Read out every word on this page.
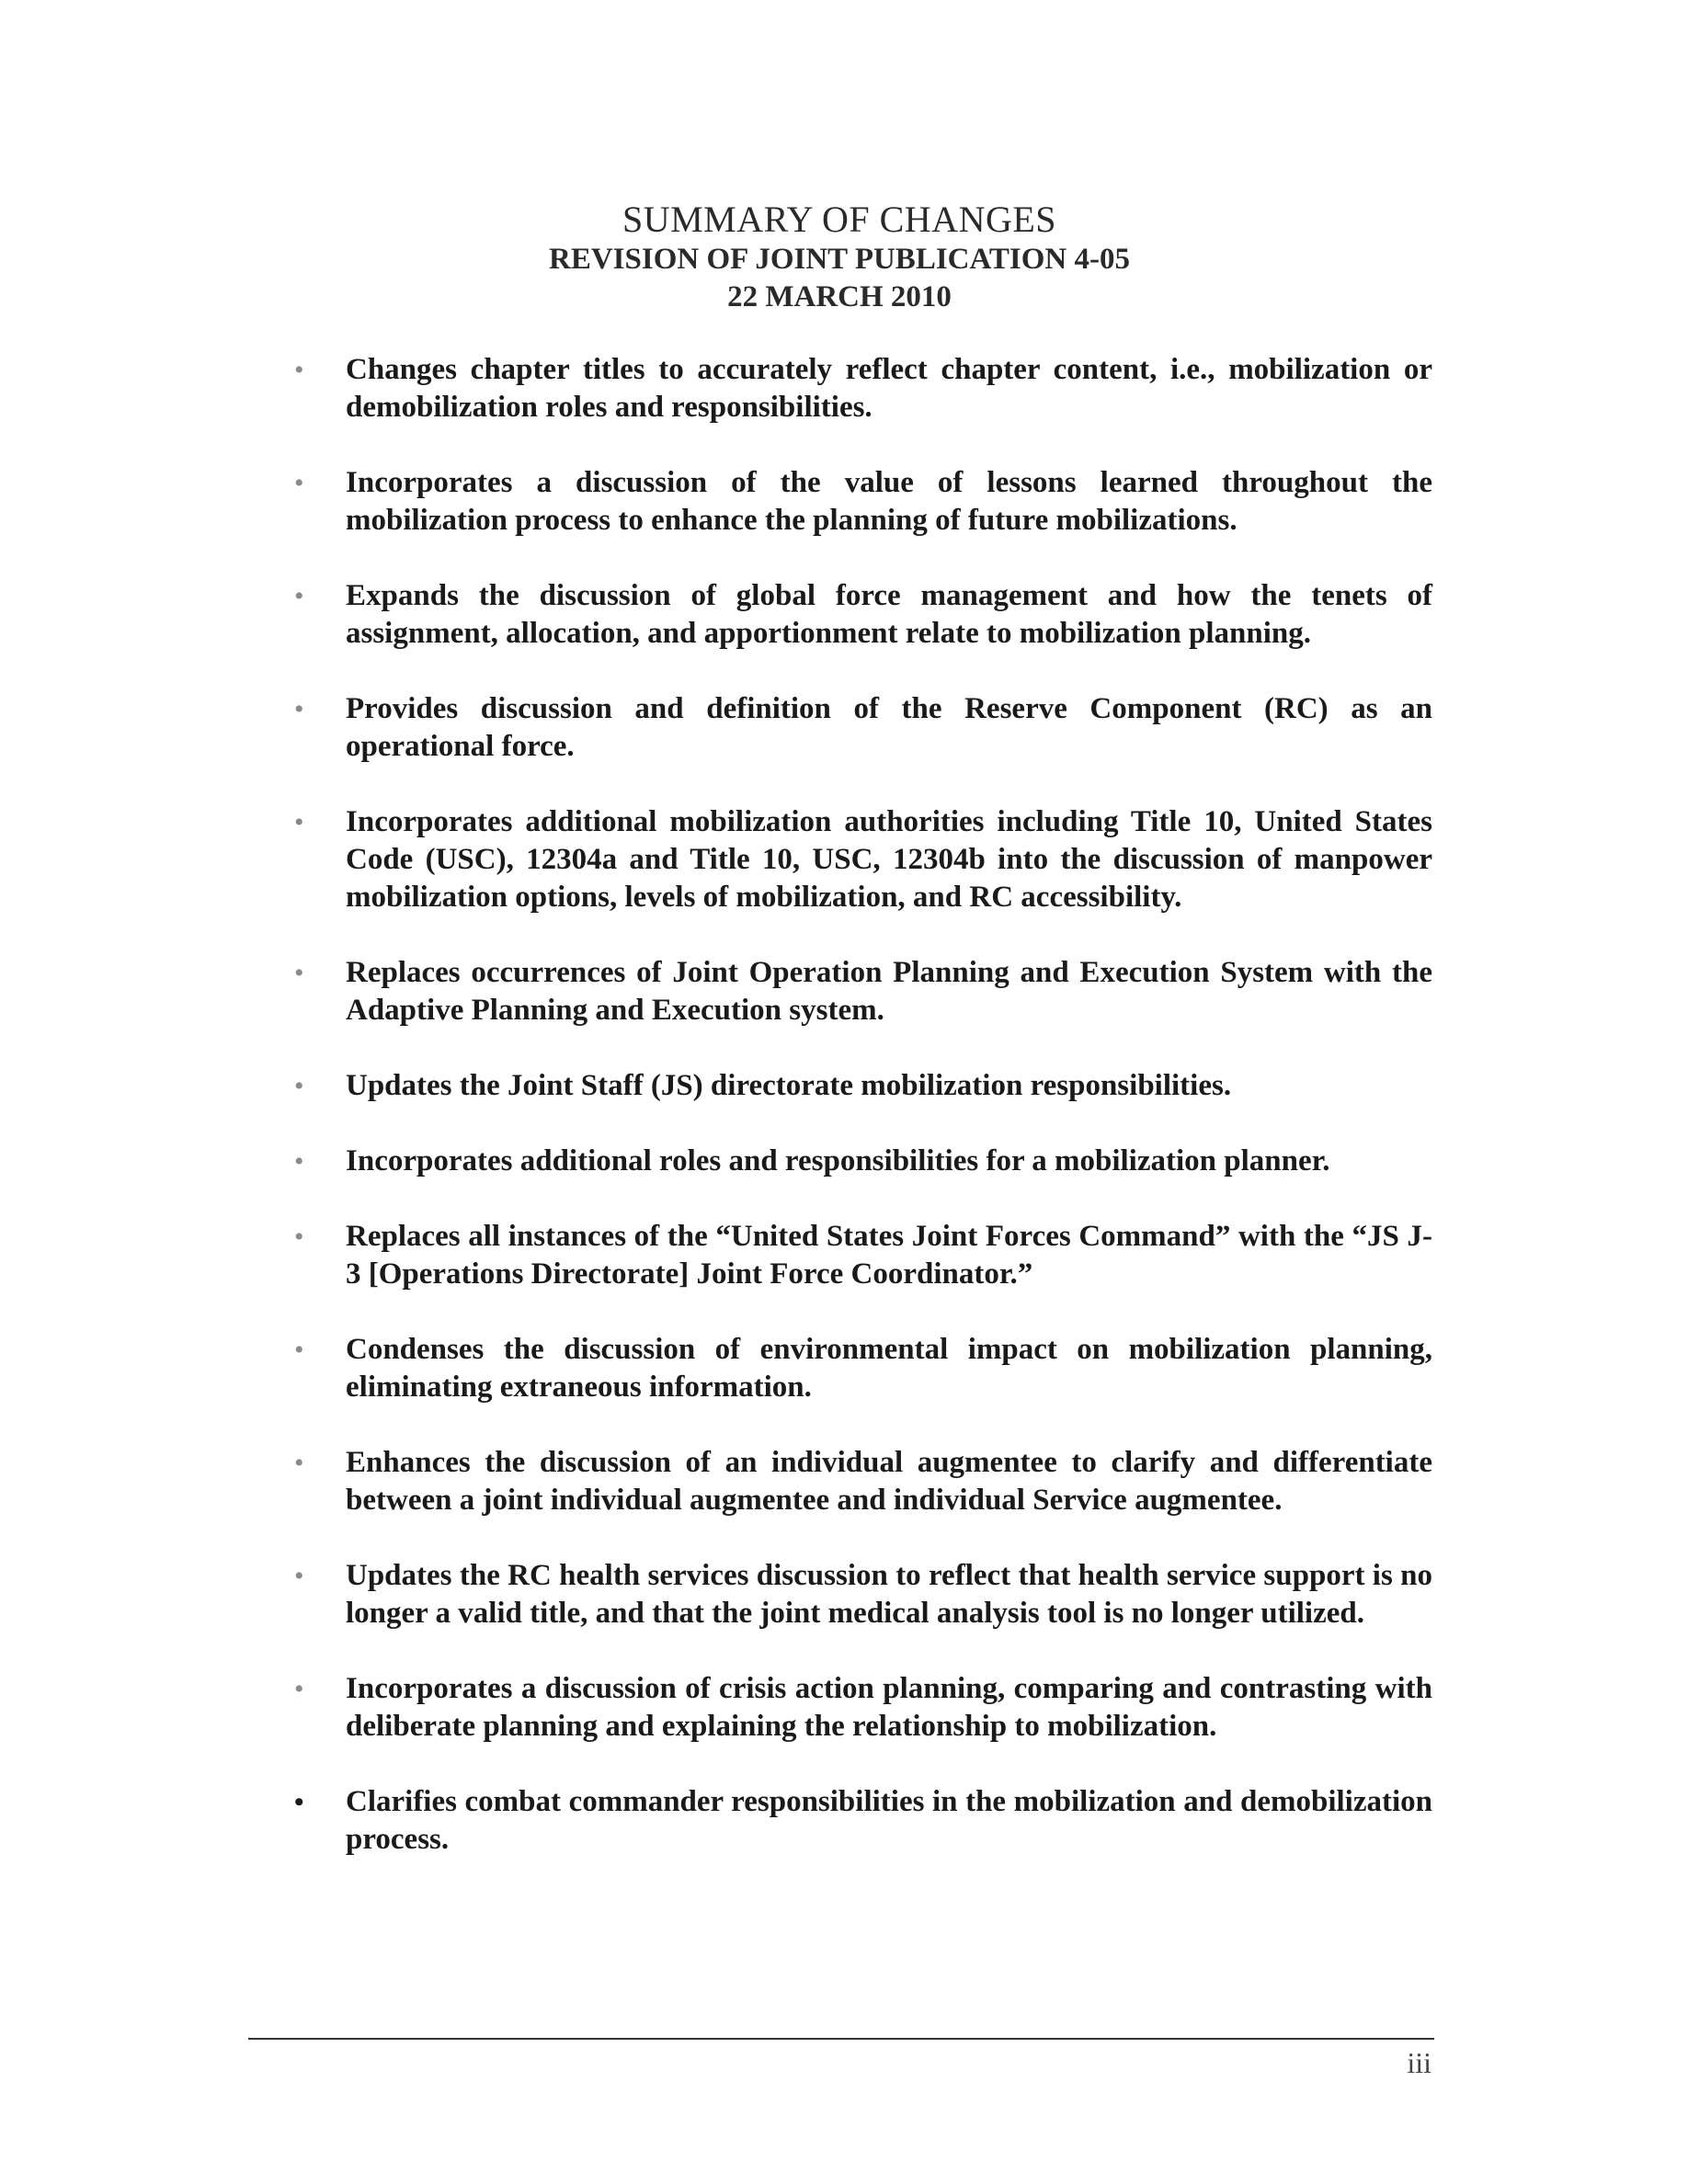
SUMMARY OF CHANGES
REVISION OF JOINT PUBLICATION 4-05
22 MARCH 2010
• Changes chapter titles to accurately reflect chapter content, i.e., mobilization or demobilization roles and responsibilities.
• Incorporates a discussion of the value of lessons learned throughout the mobilization process to enhance the planning of future mobilizations.
• Expands the discussion of global force management and how the tenets of assignment, allocation, and apportionment relate to mobilization planning.
• Provides discussion and definition of the Reserve Component (RC) as an operational force.
• Incorporates additional mobilization authorities including Title 10, United States Code (USC), 12304a and Title 10, USC, 12304b into the discussion of manpower mobilization options, levels of mobilization, and RC accessibility.
• Replaces occurrences of Joint Operation Planning and Execution System with the Adaptive Planning and Execution system.
• Updates the Joint Staff (JS) directorate mobilization responsibilities.
• Incorporates additional roles and responsibilities for a mobilization planner.
• Replaces all instances of the “United States Joint Forces Command” with the “JS J-3 [Operations Directorate] Joint Force Coordinator.”
• Condenses the discussion of environmental impact on mobilization planning, eliminating extraneous information.
• Enhances the discussion of an individual augmentee to clarify and differentiate between a joint individual augmentee and individual Service augmentee.
• Updates the RC health services discussion to reflect that health service support is no longer a valid title, and that the joint medical analysis tool is no longer utilized.
• Incorporates a discussion of crisis action planning, comparing and contrasting with deliberate planning and explaining the relationship to mobilization.
• Clarifies combat commander responsibilities in the mobilization and demobilization process.
iii
